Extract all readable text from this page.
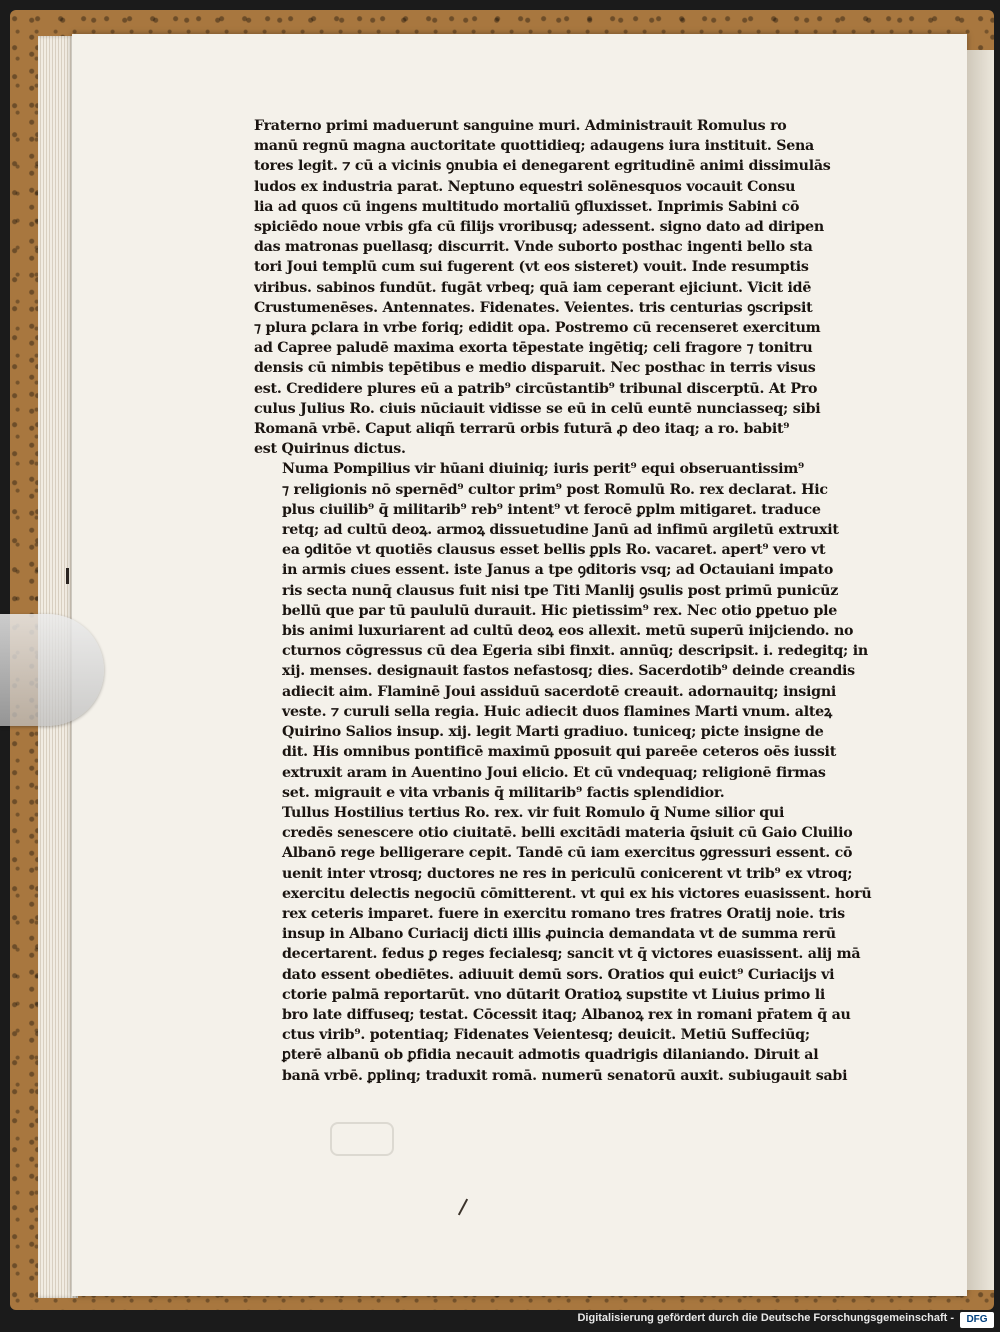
Fraterno primi maduerunt sanguine muri. Administrauit Romulus ro
manū regnū magna auctoritate quottidieq; adaugens iura instituit. Sena
tores legit. ⁊ cū a vicinis ꝯnubia ei denegarent egritudinē animi dissimulās
ludos ex industria parat. Neptuno equestri solēnesquos vocauit Consu
lia ad quos cū ingens multitudo mortaliū ꝯfluxisset. Inprimis Sabini cō
spiciēdo noue vrbis gfa cū filijs vroribusq; adessent. signo dato ad diripen
das matronas puellasq; discurrit. Vnde suborto posthac ingenti bello sta
tori Joui templū cum sui fugerent (vt eos sisteret) vouit. Inde resumptis
viribus. sabinos fundūt. fugāt vrbeq; quā iam ceperant ejiciunt. Vicit idē
Crustumenēses. Antennates. Fidenates. Veientes. tris centurias ꝯscripsit
⁊ plura ꝑclara in vrbe foriq; edidit opa. Postremo cū recenseret exercitum
ad Capree paludē maxima exorta tēpestate ingētiq; celi fragore ⁊ tonitru
densis cū nimbis tepētibus e medio disparuit. Nec posthac in terris visus
est. Credidere plures eū a patrib⁹ circūstantib⁹ tribunal discerptū. At Pro
culus Julius Ro. ciuis nūciauit vidisse se eū in celū euntē nunciasseq; sibi
Romanā vrbē. Caput aliqñ terrarū orbis futurā ꝓ deo itaq; a ro. babit⁹
est Quirinus dictus.
Numa Pompilius vir hūani diuiniq; iuris perit⁹ equi obseruantissim⁹
⁊ religionis nō spernēd⁹ cultor prim⁹ post Romulū Ro. rex declarat. Hic
plus ciuilib⁹ q̄ militarib⁹ reb⁹ intent⁹ vt ferocē ꝑplm mitigaret. traduce
retq; ad cultū deoꝝ. armoꝝ dissuetudine Janū ad infimū argiletū extruxit
ea ꝯditōe vt quotiēs clausus esset bellis ꝑpls Ro. vacaret. apert⁹ vero vt
in armis ciues essent. iste Janus a tpe ꝯditoris vsq; ad Octauiani impato
ris secta nunq̄ clausus fuit nisi tpe Titi Manlij ꝯsulis post primū punicūz
bellū que par tū paululū durauit. Hic pietissim⁹ rex. Nec otio ꝑpetuo ple
bis animi luxuriarent ad cultū deoꝝ eos allexit. metū superū inijciendo. no
cturnos cōgressus cū dea Egeria sibi finxit. annūq; descripsit. i. redegitq; in
xij. menses. designauit fastos nefastosq; dies. Sacerdotib⁹ deinde creandis
adiecit aim. Flaminē Joui assiduū sacerdotē creauit. adornauitq; insigni
veste. ⁊ curuli sella regia. Huic adiecit duos flamines Marti vnum. alteꝝ
Quirino Salios insup. xij. legit Marti gradiuo. tuniceq; picte insigne de
dit. His omnibus pontificē maximū ꝑposuit qui pareēe ceteros oēs iussit
extruxit aram in Auentino Joui elicio. Et cū vndequaq; religionē firmas
set. migrauit e vita vrbanis q̄ militarib⁹ factis splendidior.
Tullus Hostilius tertius Ro. rex. vir fuit Romulo q̄ Nume silior qui
credēs senescere otio ciuitatē. belli excitādi materia q̄siuit cū Gaio Cluilio
Albanō rege belligerare cepit. Tandē cū iam exercitus ꝯgressuri essent. cō
uenit inter vtrosq; ductores ne res in periculū conicerent vt trib⁹ ex vtroq;
exercitu delectis negociū cōmitterent. vt qui ex his victores euasissent. horū
rex ceteris imparet. fuere in exercitu romano tres fratres Oratij noie. tris
insup in Albano Curiacij dicti illis ꝓuincia demandata vt de summa rerū
decertarent. fedus ꝑ reges fecialesq; sancit vt q̄ victores euasissent. alij mā
dato essent obediētes. adiuuit demū sors. Oratios qui euict⁹ Curiacijs vi
ctorie palmā reportarūt. vno dūtarit Oratioꝝ supstite vt Liuius primo li
bro late diffuseq; testat. Cōcessit itaq; Albanoꝝ rex in romani pr̄atem q̄ au
ctus virib⁹. potentiaq; Fidenates Veientesq; deuicit. Metiū Suffeciūq;
ꝑterē albanū ob ꝑfidia necauit admotis quadrigis dilaniando. Diruit al
banā vrbē. ꝑplinq; traduxit romā. numerū senatorū auxit. subiugauit sabi
Digitalisierung gefördert durch die Deutsche Forschungsgemeinschaft -	DFG
